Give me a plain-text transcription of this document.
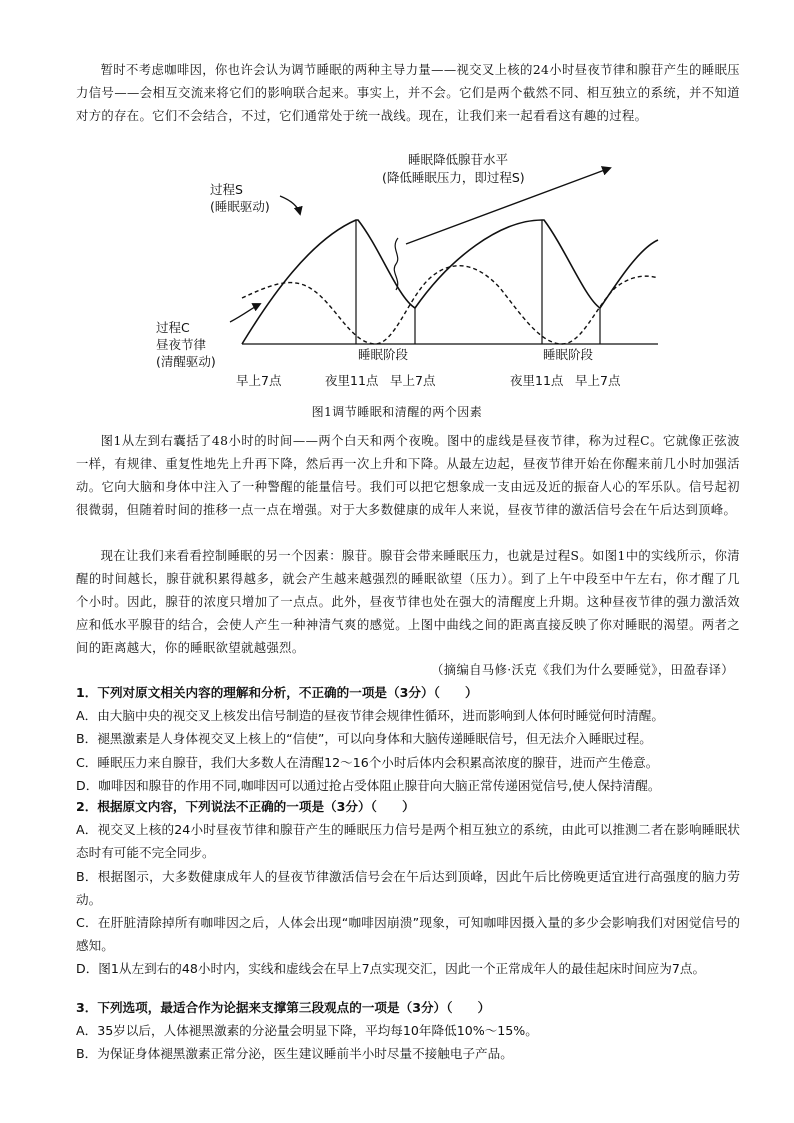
暂时不考虑咖啡因，你也许会认为调节睡眠的两种主导力量——视交叉上核的24小时昼夜节律和腺苷产生的睡眠压力信号——会相互交流来将它们的影响联合起来。事实上，并不会。它们是两个截然不同、相互独立的系统，并不知道对方的存在。它们不会结合，不过，它们通常处于统一战线。现在，让我们来一起看看这有趣的过程。

过程S
(睡眠驱动)
睡眠降低腺苷水平
(降低睡眠压力，即过程S)
过程C
昼夜节律
(清醒驱动)	睡眠阶段	睡眠阶段
早上7点	夜里11点 早上7点	夜里11点 早上7点
图1调节睡眠和清醒的两个因素

图1从左到右囊括了48小时的时间——两个白天和两个夜晚。图中的虚线是昼夜节律，称为过程C。它就像正弦波一样，有规律、重复性地先上升再下降，然后再一次上升和下降。从最左边起，昼夜节律开始在你醒来前几小时加强活动。它向大脑和身体中注入了一种警醒的能量信号。我们可以把它想象成一支由远及近的振奋人心的军乐队。信号起初很微弱，但随着时间的推移一点一点在增强。对于大多数健康的成年人来说，昼夜节律的激活信号会在午后达到顶峰。

现在让我们来看看控制睡眠的另一个因素：腺苷。腺苷会带来睡眠压力，也就是过程S。如图1中的实线所示，你清醒的时间越长，腺苷就积累得越多，就会产生越来越强烈的睡眠欲望（压力）。到了上午中段至中午左右，你才醒了几个小时。因此，腺苷的浓度只增加了一点点。此外，昼夜节律也处在强大的清醒度上升期。这种昼夜节律的强力激活效应和低水平腺苷的结合，会使人产生一种神清气爽的感觉。上图中曲线之间的距离直接反映了你对睡眠的渴望。两者之间的距离越大，你的睡眠欲望就越强烈。

（摘编自马修·沃克《我们为什么要睡觉》，田盈春译）

1．下列对原文相关内容的理解和分析，不正确的一项是（3分）（　　）

A．由大脑中央的视交叉上核发出信号制造的昼夜节律会规律性循环，进而影响到人体何时睡觉何时清醒。

B．褪黑激素是人身体视交叉上核上的“信使”，可以向身体和大脑传递睡眠信号，但无法介入睡眠过程。

C．睡眠压力来自腺苷，我们大多数人在清醒12～16个小时后体内会积累高浓度的腺苷，进而产生倦意。

D．咖啡因和腺苷的作用不同,咖啡因可以通过抢占受体阻止腺苷向大脑正常传递困觉信号,使人保持清醒。

2．根据原文内容，下列说法不正确的一项是（3分）（　　）

A．视交叉上核的24小时昼夜节律和腺苷产生的睡眠压力信号是两个相互独立的系统，由此可以推测二者在影响睡眠状态时有可能不完全同步。

B．根据图示，大多数健康成年人的昼夜节律激活信号会在午后达到顶峰，因此午后比傍晚更适宜进行高强度的脑力劳动。

C．在肝脏清除掉所有咖啡因之后，人体会出现“咖啡因崩溃”现象，可知咖啡因摄入量的多少会影响我们对困觉信号的感知。

D．图1从左到右的48小时内，实线和虚线会在早上7点实现交汇，因此一个正常成年人的最佳起床时间应为7点。

3．下列选项，最适合作为论据来支撑第三段观点的一项是（3分）（　　）

A．35岁以后，人体褪黑激素的分泌量会明显下降，平均每10年降低10%～15%。

B．为保证身体褪黑激素正常分泌，医生建议睡前半小时尽量不接触电子产品。
